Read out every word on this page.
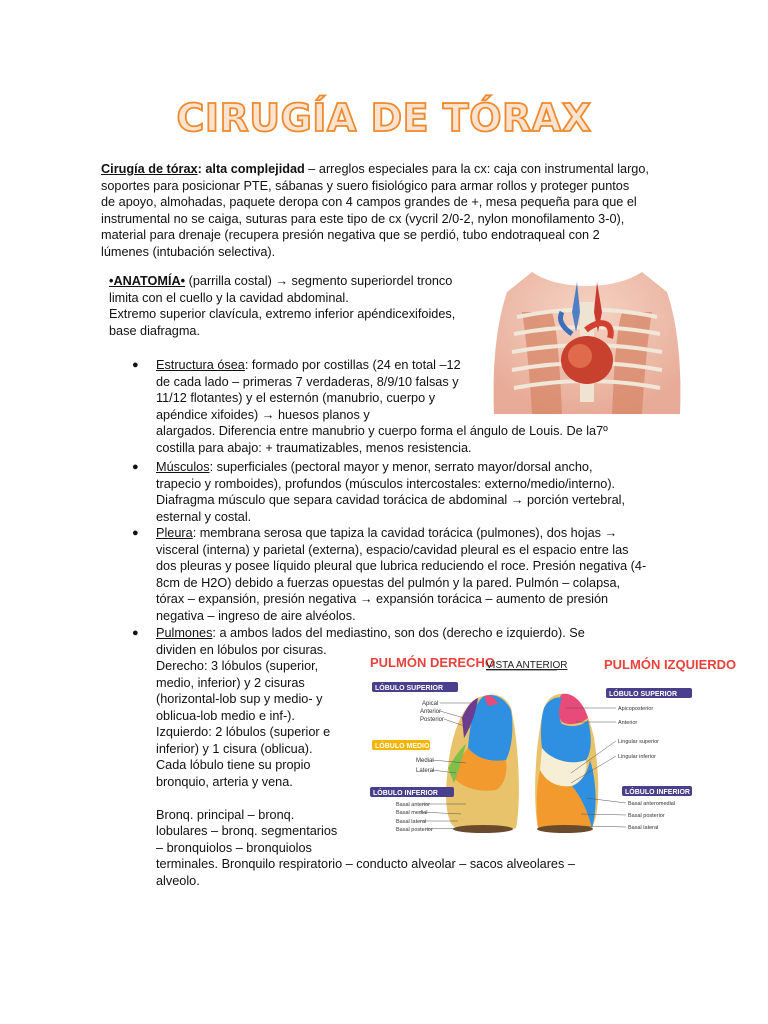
CIRUGÍA DE TÓRAX
Cirugía de tórax: alta complejidad – arreglos especiales para la cx: caja con instrumental largo,
soportes para posicionar PTE, sábanas y suero fisiológico para armar rollos y proteger puntos
de apoyo, almohadas, paquete deropa con 4 campos grandes de +, mesa pequeña para que el
instrumental no se caiga, suturas para este tipo de cx (vycril 2/0-2, nylon monofilamento 3-0),
material para drenaje (recupera presión negativa que se perdió, tubo endotraqueal con 2
lúmenes (intubación selectiva).
•ANATOMÍA• (parrilla costal) → segmento superiordel tronco
limita con el cuello y la cavidad abdominal.
Extremo superior clavícula, extremo inferior apéndicexifoides,
base diafragma.
● Estructura ósea: formado por costillas (24 en total –12
de cada lado – primeras 7 verdaderas, 8/9/10 falsas y
11/12 flotantes) y el esternón (manubrio, cuerpo y
apéndice xifoides) → huesos planos y
alargados. Diferencia entre manubrio y cuerpo forma el ángulo de Louis. De la7º
costilla para abajo: + traumatizables, menos resistencia.
● Músculos: superficiales (pectoral mayor y menor, serrato mayor/dorsal ancho,
trapecio y romboides), profundos (músculos intercostales: externo/medio/interno).
Diafragma músculo que separa cavidad torácica de abdominal → porción vertebral,
esternal y costal.
● Pleura: membrana serosa que tapiza la cavidad torácica (pulmones), dos hojas →
visceral (interna) y parietal (externa), espacio/cavidad pleural es el espacio entre las
dos pleuras y posee líquido pleural que lubrica reduciendo el roce. Presión negativa (4-
8cm de H2O) debido a fuerzas opuestas del pulmón y la pared. Pulmón – colapsa,
tórax – expansión, presión negativa → expansión torácica – aumento de presión
negativa – ingreso de aire alvéolos.
● Pulmones: a ambos lados del mediastino, son dos (derecho e izquierdo). Se
dividen en lóbulos por cisuras.
Derecho: 3 lóbulos (superior,
medio, inferior) y 2 cisuras
(horizontal-lob sup y medio- y
oblicua-lob medio e inf-).
Izquierdo: 2 lóbulos (superior e
inferior) y 1 cisura (oblicua).
Cada lóbulo tiene su propio
bronquio, arteria y vena.

Bronq. principal – bronq.
lobulares – bronq. segmentarios
– bronquiolos – bronquiolos
terminales. Bronquilo respiratorio – conducto alveolar – sacos alveolares –
alveolo.
PULMÓN DERECHO
VISTA ANTERIOR	PULMÓN IZQUIERDO
LÓBULO SUPERIOR
Apical
Anterior
Posterior
LÓBULO MEDIO
Medial
Lateral
LÓBULO INFERIOR
Basal anterior
Basal medial
Basal lateral
Basal posterior
LÓBULO SUPERIOR
Apicoposterior
Anterior
Lingular superior
Lingular inferior
LÓBULO INFERIOR
Basal anteromedial
Basal posterior
Basal lateral
